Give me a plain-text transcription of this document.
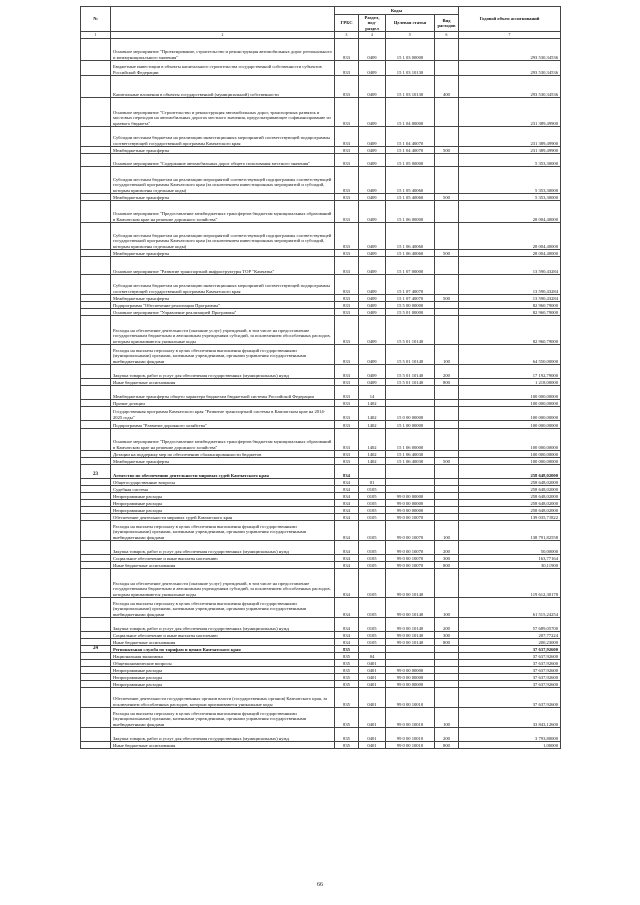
№		Коды				Годовой объем ассигнований
		ГРБС	Раздел, под-раздел	Целевая статья	Вид расходов	
1	2	3	4	5	6	7
	Основное мероприятие "Проектирование, строительство и реконструкция автомобильных дорог регионального и межмуниципального значения"	833	0409	15 1 03 00000		293 530,34536
	Бюджетные инвестиции в объекты капитального строительства государственной собственности субъектов Российской Федерации	833	0409	15 1 03 10130		293 530,34536
	Капитальные вложения в объекты государственной (муниципальной) собственности	833	0409	15 1 03 10130	400	293 530,34536
	Основное мероприятие "Строительство и реконструкция автомобильных дорог, транспортных развязок и мостовых переходов на автомобильных дорогах местного значения, предусматривающее софинансирование из краевого бюджета"	833	0409	15 1 04 00000		231 389,49900
	Субсидии местным бюджетам на реализацию инвестиционных мероприятий соответствующей подпрограммы соответствующей государственной программы Камчатского края	833	0409	15 1 04 40070		231 389,49900
	Межбюджетные трансферты	833	0409	15 1 04 40070	500	231 389,49900
	Основное мероприятие "Содержание автомобильных дорог общего пользования местного значения"	833	0409	15 1 05 00000		5 353,30000
	Субсидии местным бюджетам на реализацию мероприятий соответствующей подпрограммы соответствующей государственной программы Камчатского края (за исключением инвестиционных мероприятий и субсидий, которым присвоены отдельные коды)	833	0409	15 1 05 40060		5 353,30000
	Межбюджетные трансферты	833	0409	15 1 05 40060	500	5 353,30000
	Основное мероприятие "Предоставление межбюджетных трансфертов бюджетам муниципальных образований в Камчатском крае на решение дорожного хозяйства"	833	0409	15 1 06 00000		28 004,40000
	Субсидии местным бюджетам на реализацию мероприятий соответствующей подпрограммы соответствующей государственной программы Камчатского края (за исключением инвестиционных мероприятий и субсидий, которым присвоены отдельные коды)	833	0409	15 1 06 40060		28 004,40000
	Межбюджетные трансферты	833	0409	15 1 06 40060	500	28 004,40000
	Основное мероприятие "Развитие транспортной инфраструктуры ТОР "Камчатка"	833	0409	15 1 07 00000		13 590,43284
	Субсидии местным бюджетам на реализацию инвестиционных мероприятий соответствующей подпрограммы соответствующей государственной программы Камчатского края	833	0409	15 1 07 40070		13 590,43284
	Межбюджетные трансферты	833	0409	15 1 07 40070	500	13 590,43284
	Подпрограмма "Обеспечение реализации Программы"	833	0409	15 5 00 00000		82 960,79000
	Основное мероприятие "Управление реализацией Программы"	833	0409	15 5 01 00000		82 960,79000
	Расходы на обеспечение деятельности (оказание услуг) учреждений, в том числе на предоставление государственным бюджетным и автономным учреждениям субсидий, за исключением обособленных расходов, которым присваиваются уникальные коды	833	0409	15 5 01 10140		82 960,79000
	Расходы на выплаты персоналу в целях обеспечения выполнения функций государственными (муниципальными) органами, казенными учреждениями, органами управления государственными внебюджетными фондами	833	0409	15 5 01 10140	100	64 550,00000
	Закупка товаров, работ и услуг для обеспечения государственных (муниципальных) нужд	833	0409	15 5 01 10140	200	17 192,79000
	Иные бюджетные ассигнования	833	0409	15 5 01 10140	800	1 218,00000
	Межбюджетные трансферты общего характера бюджетам бюджетной системы Российской Федерации	833	14			100 000,00000
	Прочие дотации	833	1402			100 000,00000
	Государственная программа Камчатского края "Развитие транспортной системы в Камчатском крае на 2014-2025 годы"	833	1402	15 0 00 00000		100 000,00000
	Подпрограмма "Развитие дорожного хозяйства"	833	1402	15 1 00 00000		100 000,00000
	Основное мероприятие "Предоставление межбюджетных трансфертов бюджетам муниципальных образований в Камчатском крае на решение дорожного хозяйства"	833	1402	15 1 06 00000		100 000,00000
	Дотации на поддержку мер по обеспечению сбалансированности бюджетов	833	1402	15 1 06 40030		100 000,00000
	Межбюджетные трансферты	833	1402	15 1 06 40030	500	100 000,00000
23	Агентство по обеспечению деятельности мировых судей Камчатского края	834				258 648,02000
	Общегосударственные вопросы	834	01			258 648,02000
	Судебная система	834	0105			258 648,02000
	Непрограммные расходы	834	0105	99 0 00 00000		258 648,02000
	Непрограммные расходы	834	0105	99 0 00 00000		258 648,02000
	Непрограммные расходы	834	0105	99 0 00 00000		258 648,02000
	Обеспечение деятельности мировых судей Камчатского края	834	0105	99 0 00 10070		139 035,71822
	Расходы на выплаты персоналу в целях обеспечения выполнения функций государственными (муниципальными) органами, казенными учреждениями, органами управления государственными внебюджетными фондами	834	0105	99 0 00 10070	100	138 791,82558
	Закупка товаров, работ и услуг для обеспечения государственных (муниципальных) нужд	834	0105	99 0 00 10070	200	50,00000
	Социальное обеспечение и иные выплаты населению	834	0105	99 0 00 10070	300	163,77164
	Иные бюджетные ассигнования	834	0105	99 0 00 10070	800	30,11900
	Расходы на обеспечение деятельности (оказание услуг) учреждений, в том числе на предоставление государственным бюджетным и автономным учреждениям субсидий, за исключением обособленных расходов, которым присваиваются уникальные коды	834	0105	99 0 00 10140		119 612,30178
	Расходы на выплаты персоналу в целях обеспечения выполнения функций государственными (муниципальными) органами, казенными учреждениями, органами управления государственными внебюджетными фондами	834	0105	99 0 00 10140	100	61 515,24254
	Закупка товаров, работ и услуг для обеспечения государственных (муниципальных) нужд	834	0105	99 0 00 10140	200	57 689,05700
	Социальное обеспечение и иные выплаты населению	834	0105	99 0 00 10140	300	207,77224
	Иные бюджетные ассигнования	834	0105	99 0 00 10140	800	200,23000
24	Региональная служба по тарифам и ценам Камчатского края	835				37 637,92600
	Национальная экономика	835	04			37 637,92600
	Общеэкономические вопросы	835	0401			37 637,92600
	Непрограммные расходы	835	0401	99 0 00 00000		37 637,92600
	Непрограммные расходы	835	0401	99 0 00 00000		37 637,92600
	Непрограммные расходы	835	0401	99 0 00 00000		37 637,92600
	Обеспечение деятельности государственных органов власти (государственных органов) Камчатского края, за исключением обособленных расходов, которым присваиваются уникальные коды	835	0401	99 0 00 10010		37 637,92600
	Расходы на выплаты персоналу в целях обеспечения выполнения функций государственными (муниципальными) органами, казенными учреждениями, органами управления государственными внебюджетными фондами	835	0401	99 0 00 10010	100	33 843,12600
	Закупка товаров, работ и услуг для обеспечения государственных (муниципальных) нужд	835	0401	99 0 00 10010	200	3 793,80000
	Иные бюджетные ассигнования	835	0401	99 0 00 10010	800	1,00000
66
